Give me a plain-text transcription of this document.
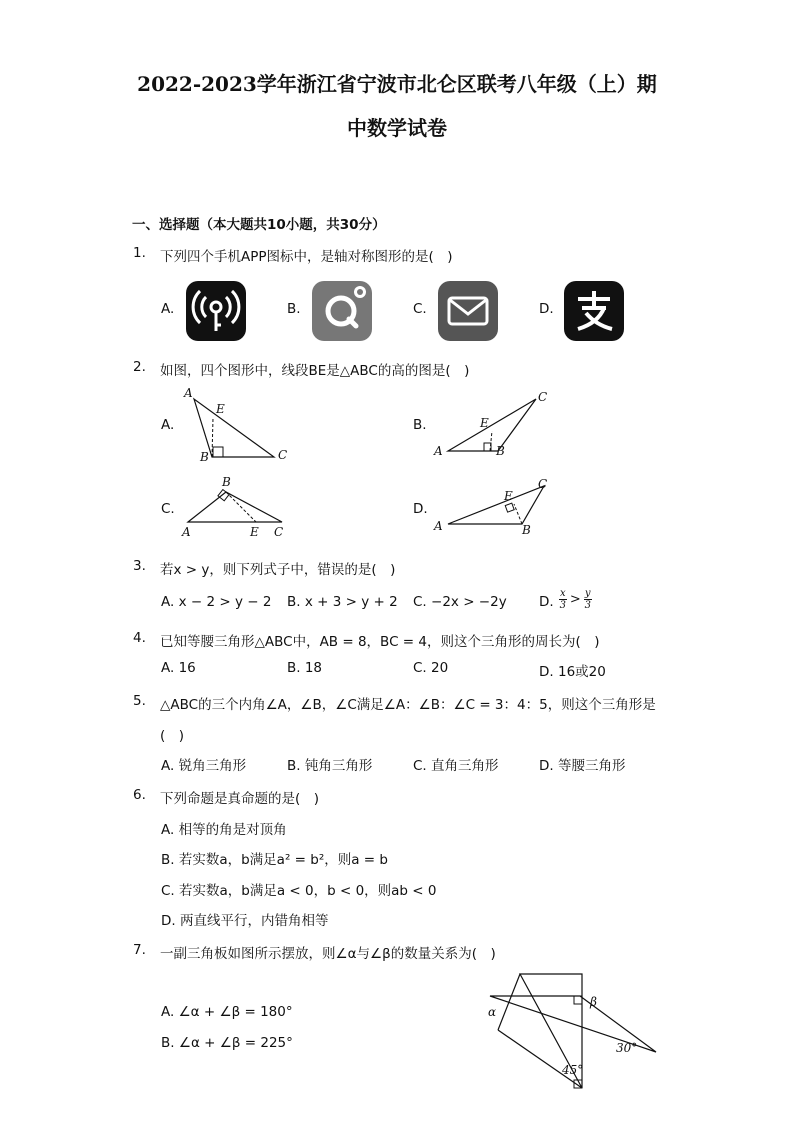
2022-2023学年浙江省宁波市北仑区联考八年级（上）期
中数学试卷
一、选择题（本大题共10小题，共30分）
1. 下列四个手机APP图标中，是轴对称图形的是(　)
A.	B.	C.	D.
2. 如图，四个图形中，线段BE是△ABC的高的图是(　)
A.
A
E
B	C
B.
C
E
A	B
C.
B
A	E C
D.
C
E
A	B
3. 若x > y，则下列式子中，错误的是(　)
A. x − 2 > y − 2 B. x + 3 > y + 2 C. −2x > −2y D. $\frac{x}{3} > \frac{y}{3}$
4. 已知等腰三角形△ABC中，AB = 8，BC = 4，则这个三角形的周长为(　)
A. 16	B. 18	C. 20	D. 16或20
5. △ABC的三个内角∠A，∠B，∠C满足∠A：∠B：∠C = 3：4：5，则这个三角形是
(　)
A. 锐角三角形	B. 钝角三角形	C. 直角三角形	D. 等腰三角形
6. 下列命题是真命题的是(　)
A. 相等的角是对顶角
B. 若实数a，b满足a² = b²，则a = b
C. 若实数a，b满足a < 0，b < 0，则ab < 0
D. 两直线平行，内错角相等
7. 一副三角板如图所示摆放，则∠α与∠β的数量关系为(　)
A. ∠α + ∠β = 180°
B. ∠α + ∠β = 225°
α
β
30°
45°
